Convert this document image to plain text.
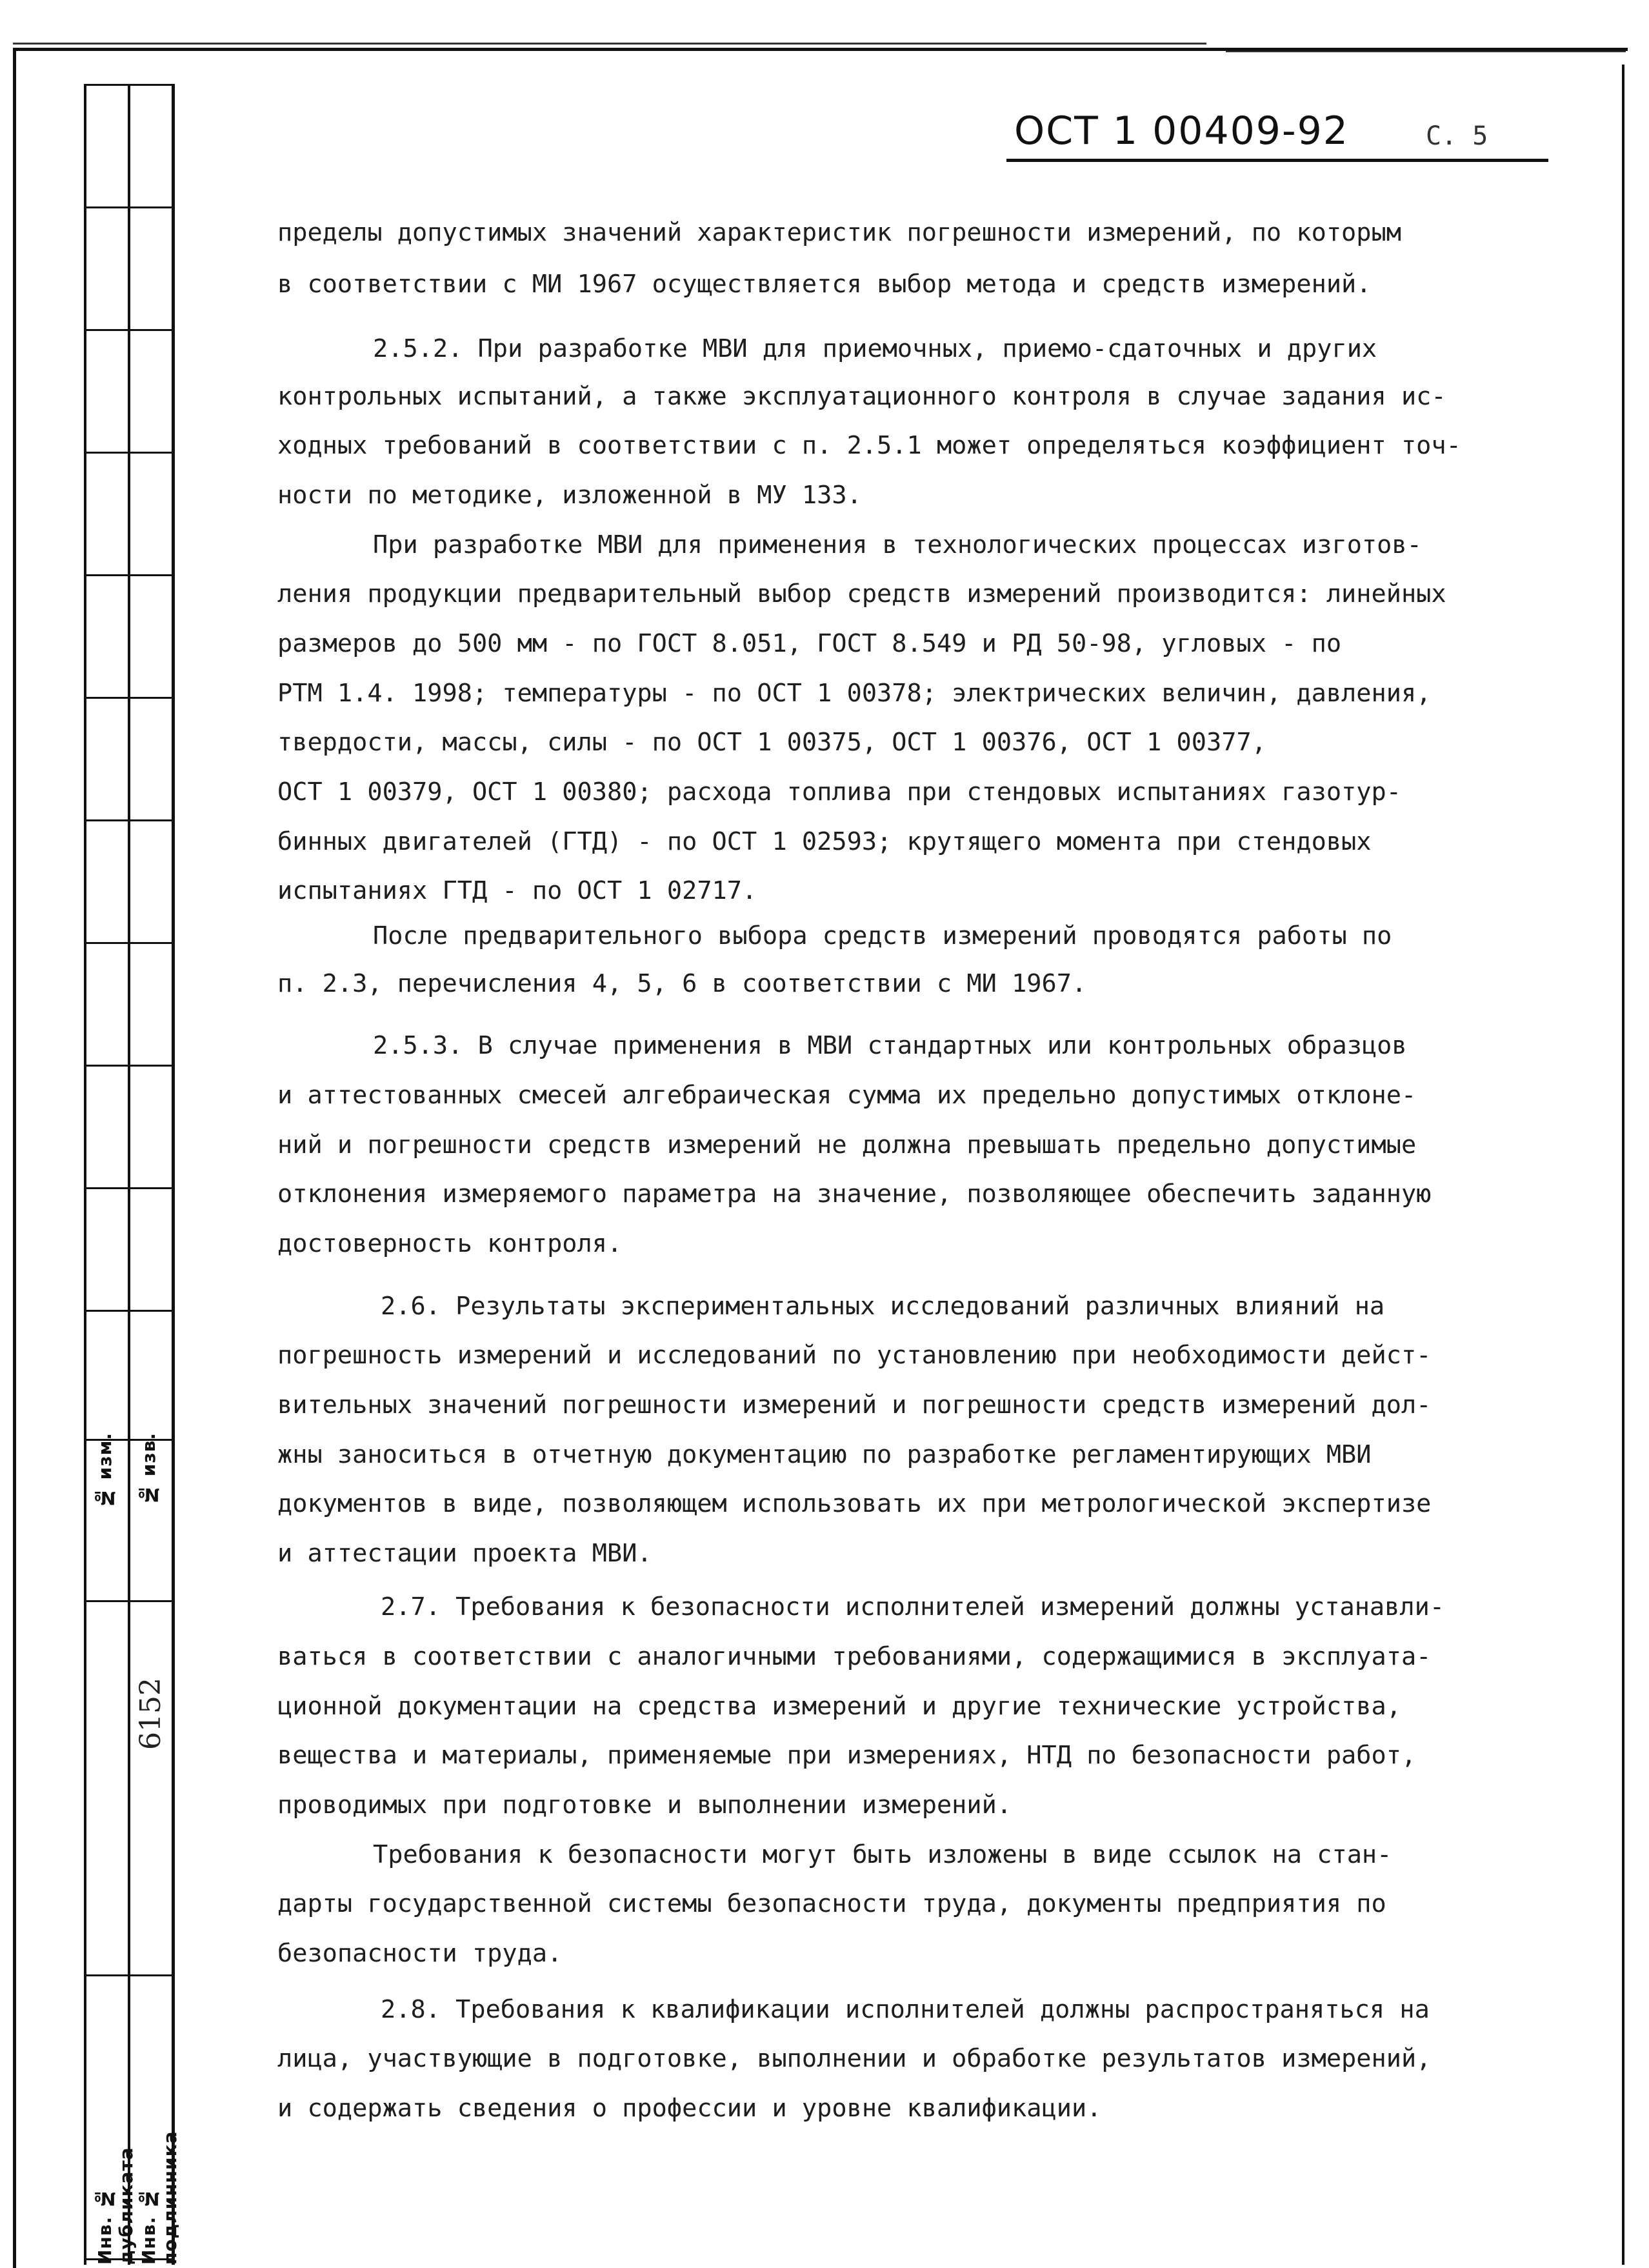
№ изм. № изв.
6152
Инв. № дубликата Инв. № подлинника
ОСТ 1 00409-92	С. 5
пределы допустимых значений характеристик погрешности измерений, по которым
в соответствии с МИ 1967 осуществляется выбор метода и средств измерений.
2.5.2. При разработке МВИ для приемочных, приемо-сдаточных и других
контрольных испытаний, а также эксплуатационного контроля в случае задания ис-
ходных требований в соответствии с п. 2.5.1 может определяться коэффициент точ-
ности по методике, изложенной в МУ 133.
При разработке МВИ для применения в технологических процессах изготов-
ления продукции предварительный выбор средств измерений производится: линейных
размеров до 500 мм - по ГОСТ 8.051, ГОСТ 8.549 и РД 50-98, угловых - по
РТМ 1.4. 1998; температуры - по ОСТ 1 00378; электрических величин, давления,
твердости, массы, силы - по ОСТ 1 00375, ОСТ 1 00376, ОСТ 1 00377,
ОСТ 1 00379, ОСТ 1 00380; расхода топлива при стендовых испытаниях газотур-
бинных двигателей (ГТД) - по ОСТ 1 02593; крутящего момента при стендовых
испытаниях ГТД - по ОСТ 1 02717.
После предварительного выбора средств измерений проводятся работы по
п. 2.3, перечисления 4, 5, 6 в соответствии с МИ 1967.
2.5.3. В случае применения в МВИ стандартных или контрольных образцов
и аттестованных смесей алгебраическая сумма их предельно допустимых отклоне-
ний и погрешности средств измерений не должна превышать предельно допустимые
отклонения измеряемого параметра на значение, позволяющее обеспечить заданную
достоверность контроля.
2.6. Результаты экспериментальных исследований различных влияний на
погрешность измерений и исследований по установлению при необходимости дейст-
вительных значений погрешности измерений и погрешности средств измерений дол-
жны заноситься в отчетную документацию по разработке регламентирующих МВИ
документов в виде, позволяющем использовать их при метрологической экспертизе
и аттестации проекта МВИ.
2.7. Требования к безопасности исполнителей измерений должны устанавли-
ваться в соответствии с аналогичными требованиями, содержащимися в эксплуата-
ционной документации на средства измерений и другие технические устройства,
вещества и материалы, применяемые при измерениях, НТД по безопасности работ,
проводимых при подготовке и выполнении измерений.
Требования к безопасности могут быть изложены в виде ссылок на стан-
дарты государственной системы безопасности труда, документы предприятия по
безопасности труда.
2.8. Требования к квалификации исполнителей должны распространяться на
лица, участвующие в подготовке, выполнении и обработке результатов измерений,
и содержать сведения о профессии и уровне квалификации.
